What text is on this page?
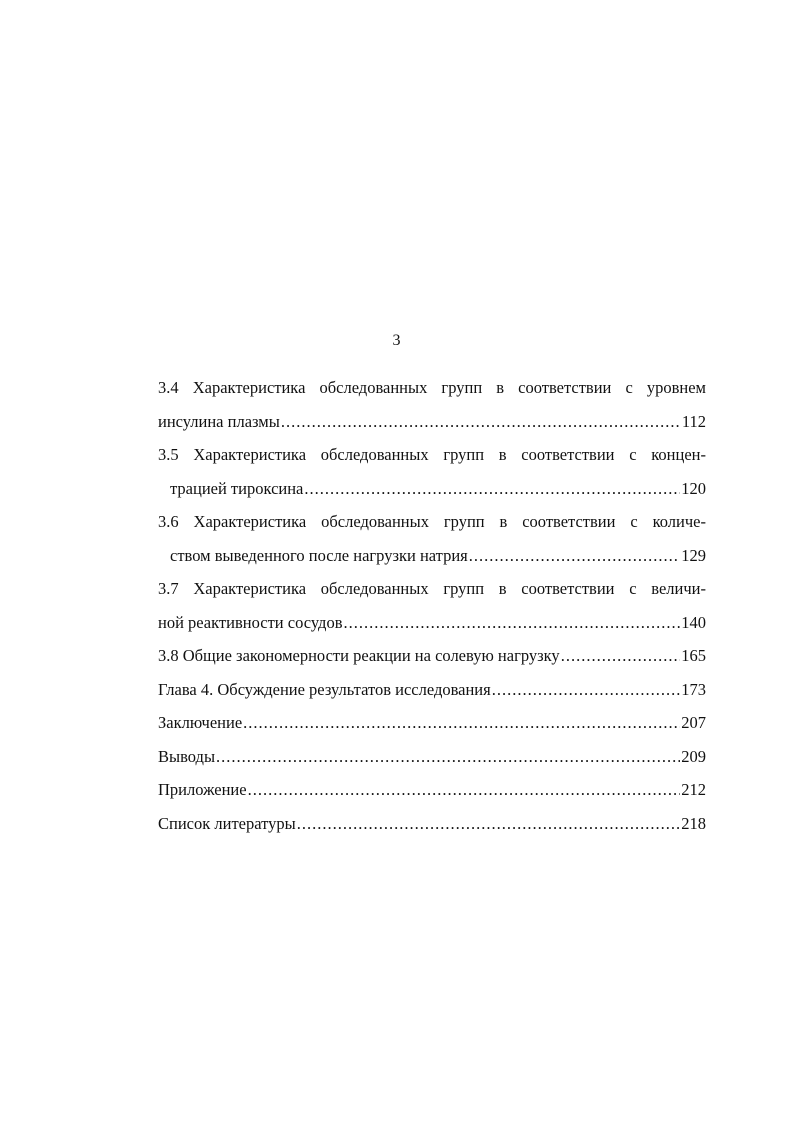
3
3.4 Характеристика обследованных групп в соответствии с уровнем
инсулина плазмы .....	112
3.5 Характеристика обследованных групп в соответствии с концен-
трацией тироксина .....	120
3.6 Характеристика обследованных групп в соответствии с количе-
ством выведенного после нагрузки натрия .....	129
3.7 Характеристика обследованных групп в соответствии с величи-
ной реактивности сосудов .....	140
3.8 Общие закономерности реакции на солевую нагрузку .....	165
Глава 4. Обсуждение результатов исследования .....	173
Заключение .....	207
Выводы .....	209
Приложение .....	212
Список литературы .....	218
